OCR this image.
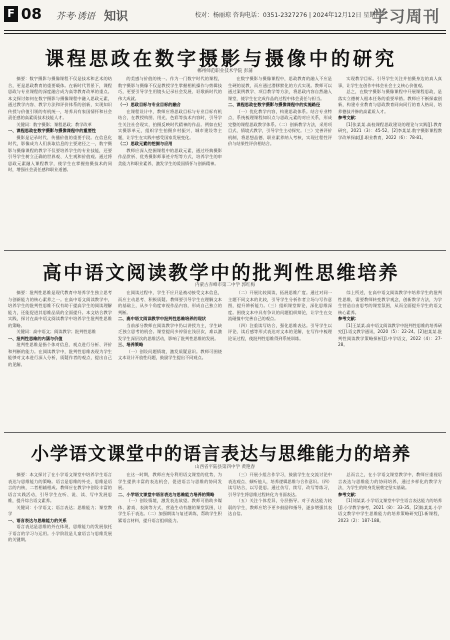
F 08 芥考·诱语 知识	校对：杨丽琼 咨询电话：0351-2327276 | 2024年12月12日 星期四
学习周刊
课程思政在数字摄影与摄像中的研究
郴州师范职业技术学院 彭蒲

摘要：数字摄影与摄像课程不仅是技术和艺术的结合，更是思政教育的重要载体。在新时代背景下，课程思政与专业课程的深度融合成为高等教育改革的重点。本文探讨如何在数字摄影与摄像课程中融入思政元素，通过教学内容、教学方法和评价体系的创新，实现知识传授与价值引领的有机统一，培养具有家国情怀和社会责任感的高素质技术技能人才。

关键词：数字摄影；课程思政；教学改革

一、课程思政在数字摄影与摄像课程中的重要性

摄影是记录时代、传播价值的重要手段。在信息化时代，影像成为人们获取信息的主要途径之一，数字摄影与摄像课程的教学不仅要培养学生的专业技能，还要引导学生树立正确的世界观、人生观和价值观。通过将思政元素融入课程教学，使学生在掌握拍摄技术的同时，增强社会责任感和职业道德。

的美感与价值的统一。作为一门数字时代的课程，数字摄影与摄像不仅是教授学生掌握相机操作与剪辑技巧，更要引导学生用镜头记录社会发展、讴歌新时代的伟大成就。

（一）思政目标与专业目标的融合

在课程设计中，教师应将思政目标与专业目标有机结合，在教授构图、用光、色彩等技术内容时，引导学生关注社会现实，拍摄反映时代精神的作品。例如在纪实摄影单元，组织学生拍摄乡村振兴、城市建设等主题，让学生在实践中感受国家发展变化。

（二）思政元素的挖掘与应用

教师应深入挖掘课程中的思政元素，通过经典摄影作品赏析、优秀摄影师事迹介绍等方式，培养学生的审美能力和职业素养，激发学生的爱国情怀与创新精神。

在数字摄影与摄像课程中，思政教育的融入不应是生硬的说教，而应通过潜移默化的方式实现。教师可以通过案例教学、项目教学等方法，将思政内容自然融入课堂，使学生在完成作品的过程中体会责任与担当。

二、课程思政在数字摄影与摄像课程中的实施路径

（一）优化教学内容，构建思政体系。结合专业特点，系统梳理课程知识点与思政元素的对应关系，形成完整的课程思政教学体系。（二）创新教学方法，采用项目式、情境式教学，引导学生主动探究。（三）完善评价机制，将思想品德、职业素养纳入考核，实现过程性评价与结果性评价相结合。

实现教学目标。引导学生关注并拍摄身边的真人真事，让学生在创作中体会社会主义核心价值观。

总之，在数字摄影与摄像课程中开展课程思政，是落实立德树人根本任务的重要举措。教师应不断探索创新，构建专业教育与思政教育同向同行的育人格局，培养德技并修的高素质人才。

参考文献：

[1]张某某.高校课程思政建设的理论与实践[J].教育研究，2021（3）：45-52。[2]李某某.数字摄影课程教学改革探索[J].职业教育，2022（6）：78-81。

高中语文阅读教学中的批判性思维培养
内蒙古赤峰市第二中学 郭红梅

摘要：批判性思维是现代教育中培养学生独立思考与创新能力的核心素养之一。在高中语文阅读教学中，培养学生的批判性思维不仅有助于提高学生的阅读理解能力，还能促进其思维品质的全面提升。本文结合教学实践，探讨在高中语文阅读教学中培养学生批判性思维的策略。

关键词：高中语文；阅读教学；批判性思维

一、批判性思维的内涵与价值

批判性思维是指个体对信息、观点进行分析、评价和判断的能力。在阅读教学中，批判性思维表现为学生能够对文本进行深入分析，质疑作者的观点，提出自己的见解。

在阅读过程中，学生不应只是被动接受文本信息，而应主动思考、积极质疑。教师要引导学生在理解文本的基础上，从多个角度审视作品内容，形成自己独立的判断。

二、高中语文阅读教学中批判性思维培养的现状

当前部分教师在阅读教学中仍以讲授为主，学生缺乏独立思考的机会。课堂提问多停留在浅层次，难以激发学生深层次的思维活动，影响了批判性思维的发展。

三、培养策略

（一）创设问题情境，激发质疑意识。教师可围绕文本设计开放性问题，鼓励学生提出不同观点。

（二）开展比较阅读，拓展思维广度。通过对同一主题不同文本的比较，引导学生分析作者立场与写作意图，提升辨析能力。（三）组织课堂辩论，深化思维深度。围绕文本中具有争议的问题组织辩论，让学生在交流碰撞中完善自己的观点。

（四）注重读写结合，强化思维表达。引导学生以评论、读后感等形式表达对文本的见解，在写作中梳理论证过程，使批判性思维得到系统训练。

综上所述，在高中语文阅读教学中培养学生的批判性思维，需要教师转变教学观念，创新教学方法，为学生营造自由思考的课堂氛围，从而全面提升学生的语文核心素养。

参考文献：

[1]王某某.高中语文阅读教学中批判性思维的培养研究[J].语文教学通讯，2020（5）：22-24。[2]赵某某.批判性阅读教学策略探析[J].中学语文，2022（4）：27-28。

小学语文课堂中的语言表达与思维能力的培养
山西省平陆县第四中学 黄艳春

摘要：本文探讨了在小学语文课堂中培养学生语言表达与思维能力的策略。语言是思维的外壳，思维是语言的内核，二者相辅相成。教师应在教学中创设丰富的语言实践活动，引导学生在听、说、读、写中发展思维，提升综合语文素养。

关键词：小学语文；语言表达；思维能力；课堂教学

一、语言表达与思维能力的关系

语言表达是思维的外在体现，思维能力的发展依托于语言的学习与运用。小学阶段是儿童语言与思维发展的关键期。

在这一时期，教师应充分利用语文课堂的优势，为学生提供丰富的表达机会，促进语言与思维的协同发展。

二、小学语文课堂中语言表达与思维能力培养的策略

（一）创设情境，激发表达欲望。教师可借助多媒体、游戏、表演等方式，营造生动有趣的课堂氛围，让学生乐于表达。（二）加强朗读与复述训练，帮助学生积累语言材料，提升语言组织能力。

（三）开展小组合作学习，鼓励学生在交流讨论中表达观点、倾听他人，培养逻辑思维与合作意识。（四）读写结合，以写促思。通过仿写、续写、改写等练习，引导学生将思维过程转化为书面表达。

（五）关注个体差异，分层指导。对于表达能力较弱的学生，教师应给予更多鼓励和指导，逐步增强其表达自信。

总而言之，在小学语文课堂教学中，教师应重视语言表达与思维能力的协同培养，通过多样化的教学方法，为学生的终身发展奠定坚实基础。

参考文献：

[1]刘某某.小学语文课堂中学生语言表达能力的培养[J].小学教学参考，2021（8）：33-35。[2]陈某某.小学语文教学中学生思维能力的培养策略研究[J].新课程，2023（2）：187-188。
